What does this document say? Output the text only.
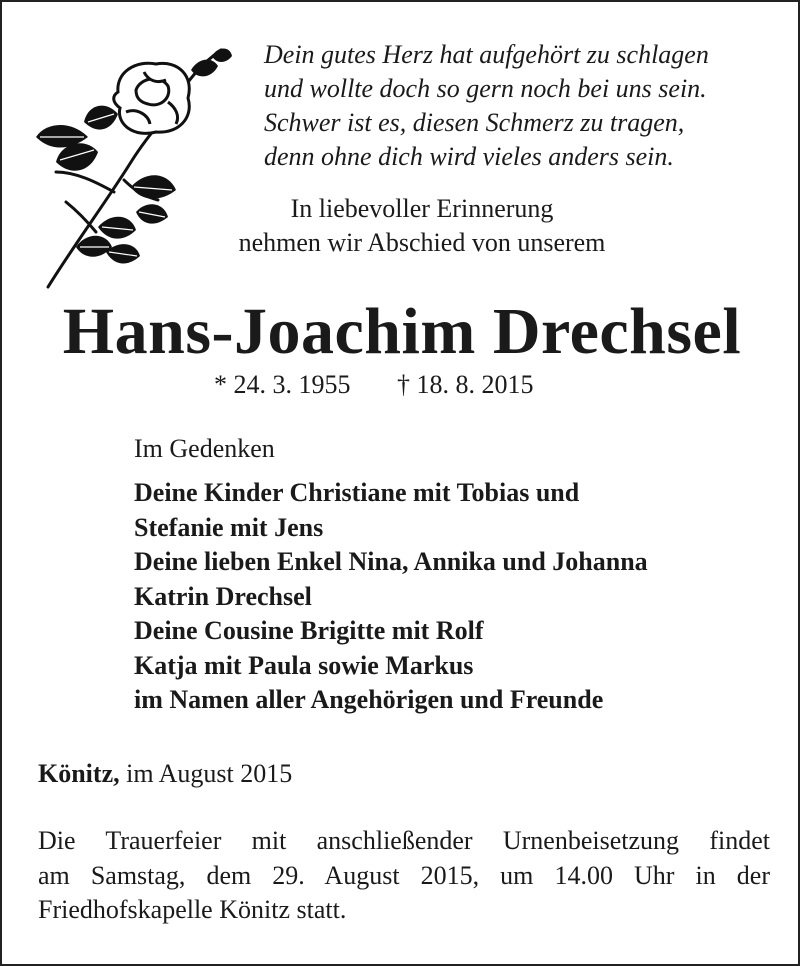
Dein gutes Herz hat aufgehört zu schlagen
und wollte doch so gern noch bei uns sein.
Schwer ist es, diesen Schmerz zu tragen,
denn ohne dich wird vieles anders sein.
In liebevoller Erinnerung
nehmen wir Abschied von unserem
Hans-Joachim Drechsel
* 24. 3. 1955 † 18. 8. 2015
Im Gedenken
Deine Kinder Christiane mit Tobias und
Stefanie mit Jens
Deine lieben Enkel Nina, Annika und Johanna
Katrin Drechsel
Deine Cousine Brigitte mit Rolf
Katja mit Paula sowie Markus
im Namen aller Angehörigen und Freunde
Könitz, im August 2015
Die Trauerfeier mit anschließender Urnenbeisetzung findet
am Samstag, dem 29. August 2015, um 14.00 Uhr in der
Friedhofskapelle Könitz statt.
